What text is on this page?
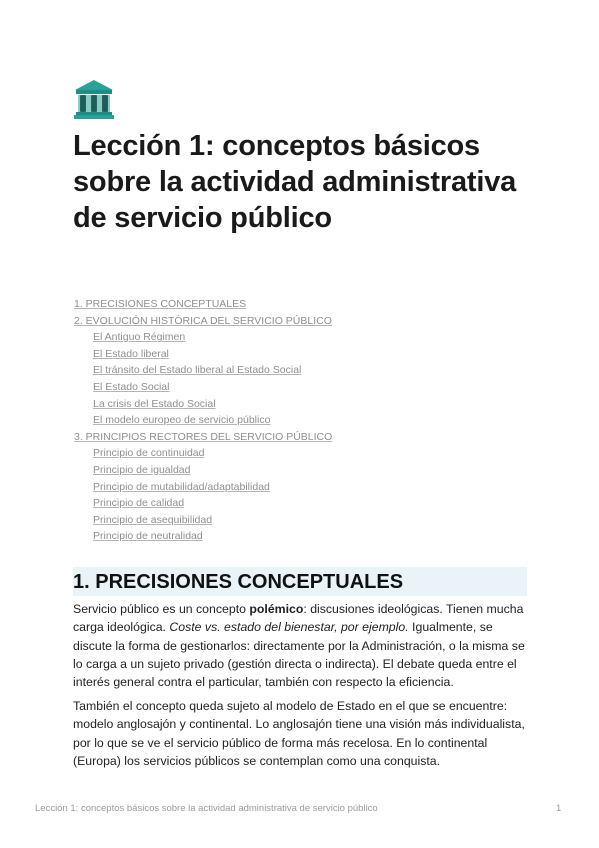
Lección 1: conceptos básicos sobre la actividad administrativa de servicio público
1. PRECISIONES CONCEPTUALES
2. EVOLUCIÓN HISTÓRICA DEL SERVICIO PÚBLICO
El Antiguo Régimen
El Estado liberal
El tránsito del Estado liberal al Estado Social
El Estado Social
La crisis del Estado Social
El modelo europeo de servicio público
3. PRINCIPIOS RECTORES DEL SERVICIO PÚBLICO
Principio de continuidad
Principio de igualdad
Principio de mutabilidad/adaptabilidad
Principio de calidad
Principio de asequibilidad
Principio de neutralidad
1. PRECISIONES CONCEPTUALES

Servicio público es un concepto polémico: discusiones ideológicas. Tienen mucha carga ideológica. Coste vs. estado del bienestar, por ejemplo. Igualmente, se discute la forma de gestionarlos: directamente por la Administración, o la misma se lo carga a un sujeto privado (gestión directa o indirecta). El debate queda entre el interés general contra el particular, también con respecto la eficiencia.

También el concepto queda sujeto al modelo de Estado en el que se encuentre: modelo anglosajón y continental. Lo anglosajón tiene una visión más individualista, por lo que se ve el servicio público de forma más recelosa. En lo continental (Europa) los servicios públicos se contemplan como una conquista.

Lección 1: conceptos básicos sobre la actividad administrativa de servicio público	1
